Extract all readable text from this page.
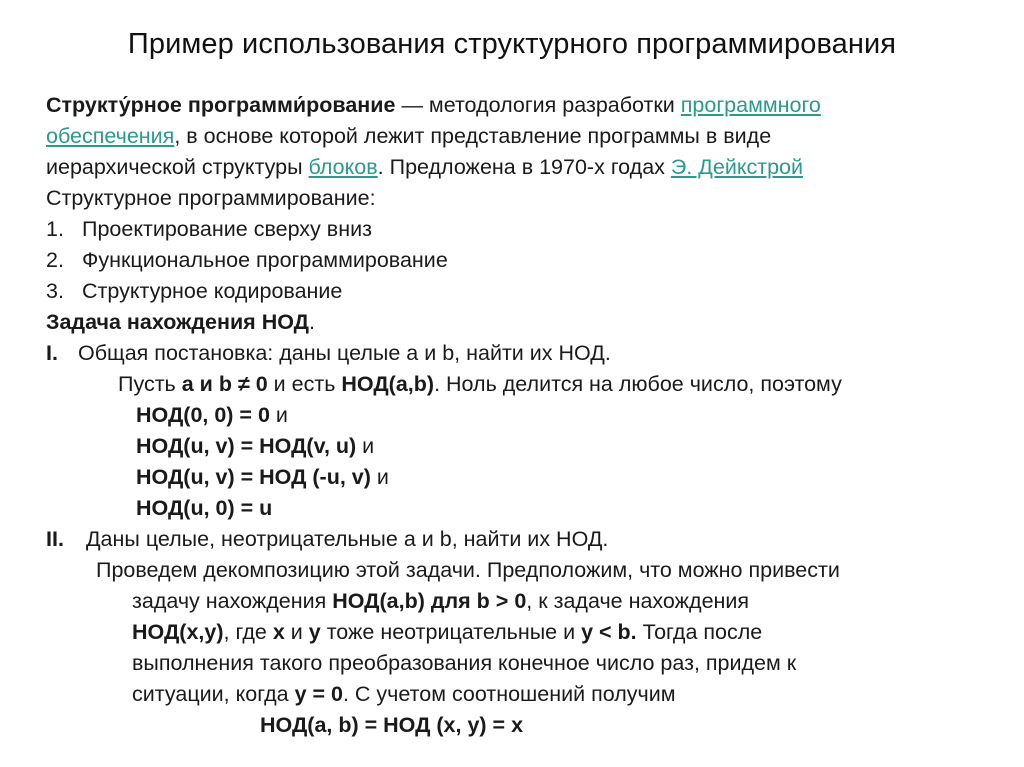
Пример использования структурного программирования
Структу́рное программи́рование — методология разработки программного
обеспечения, в основе которой лежит представление программы в виде
иерархической структуры блоков. Предложена в 1970-х годах Э. Дейкстрой
Структурное программирование:
1. Проектирование сверху вниз
2. Функциональное программирование
3. Структурное кодирование
Задача нахождения НОД.
I. Общая постановка: даны целые a и b, найти их НОД.
Пусть a и b ≠ 0 и есть НОД(a,b). Ноль делится на любое число, поэтому
НОД(0, 0) = 0 и
НОД(u, v) = НОД(v, u) и
НОД(u, v) = НОД (-u, v) и
НОД(u, 0) = u
II. Даны целые, неотрицательные a и b, найти их НОД.
Проведем декомпозицию этой задачи. Предположим, что можно привести
задачу нахождения НОД(a,b) для b > 0, к задаче нахождения
НОД(x,y), где x и y тоже неотрицательные и y < b. Тогда после
выполнения такого преобразования конечное число раз, придем к
ситуации, когда y = 0. С учетом соотношений получим
НОД(a, b) = НОД (x, y) = x
